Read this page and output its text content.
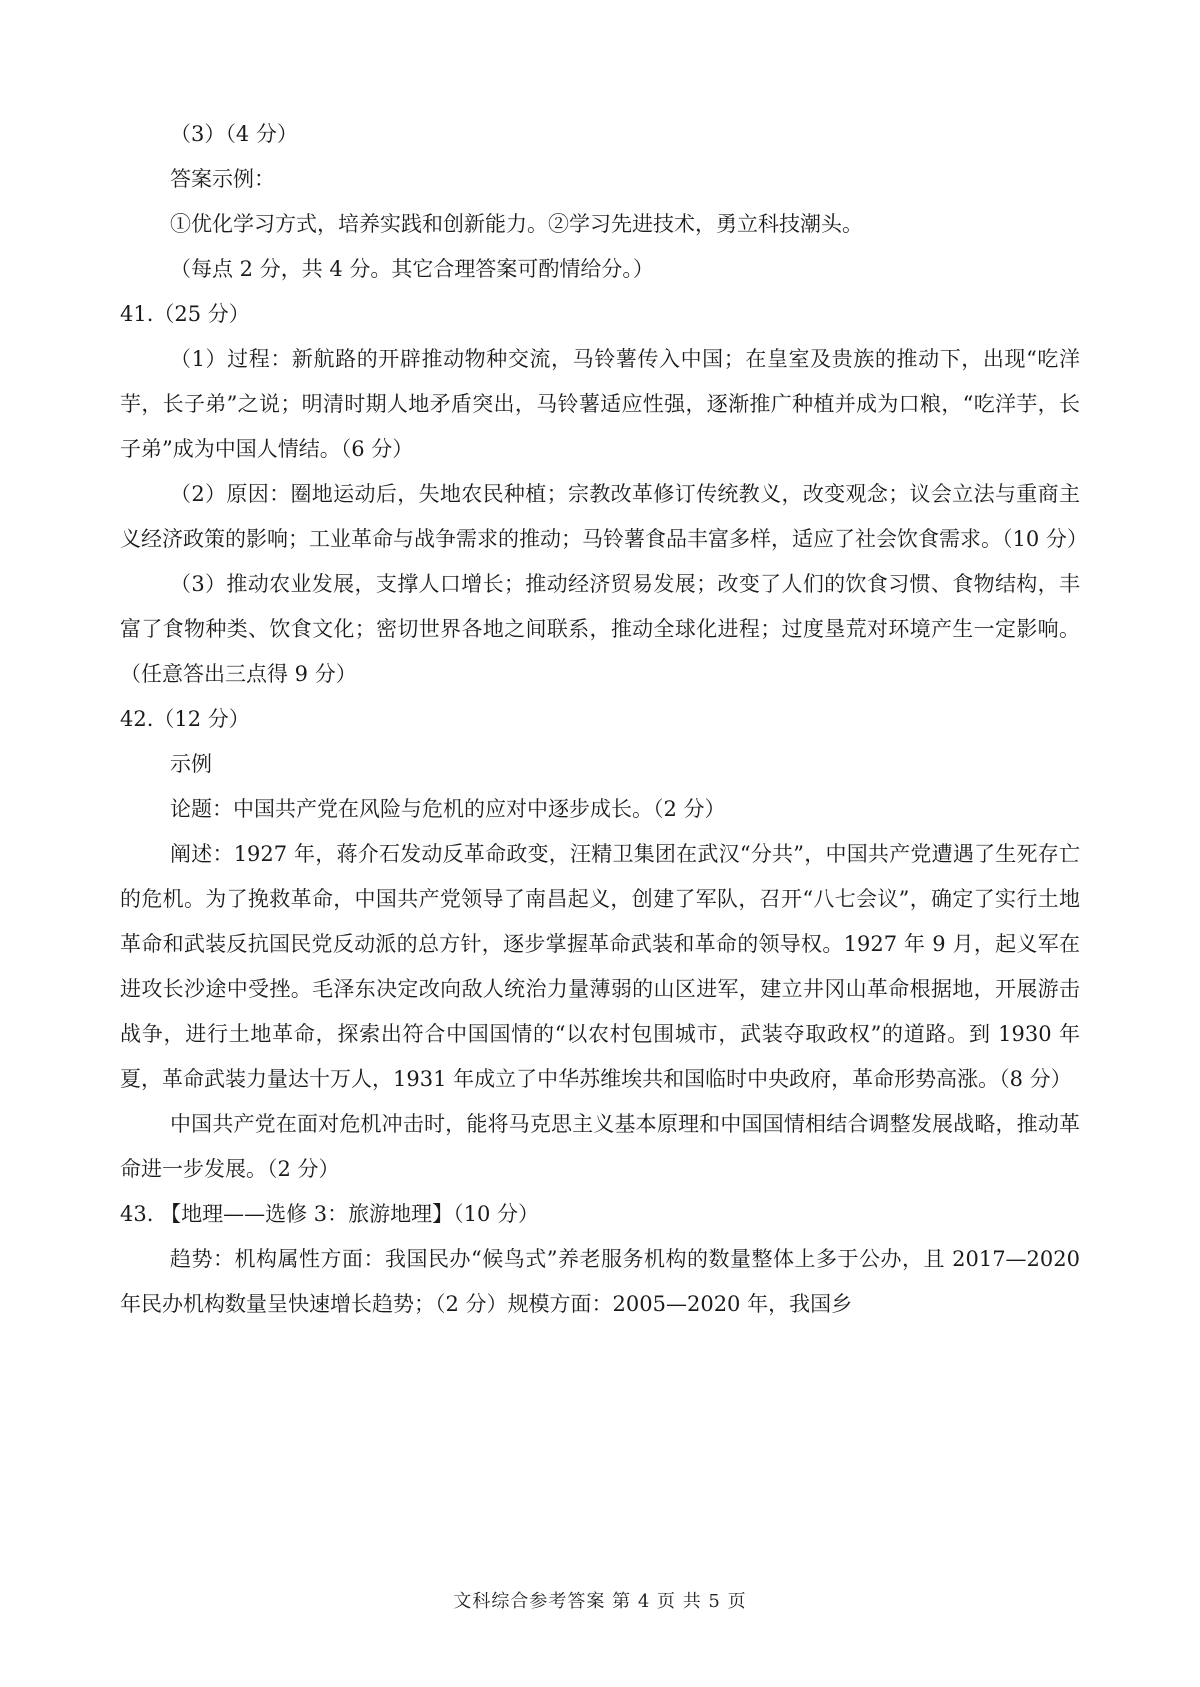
（3）（4 分）
答案示例：
①优化学习方式，培养实践和创新能力。②学习先进技术，勇立科技潮头。
（每点 2 分，共 4 分。其它合理答案可酌情给分。）
41.（25 分）
（1）过程：新航路的开辟推动物种交流，马铃薯传入中国；在皇室及贵族的推动下，出现“吃洋芋，长子弟”之说；明清时期人地矛盾突出，马铃薯适应性强，逐渐推广种植并成为口粮，“吃洋芋，长子弟”成为中国人情结。（6 分）
（2）原因：圈地运动后，失地农民种植；宗教改革修订传统教义，改变观念；议会立法与重商主义经济政策的影响；工业革命与战争需求的推动；马铃薯食品丰富多样，适应了社会饮食需求。（10 分）
（3）推动农业发展，支撑人口增长；推动经济贸易发展；改变了人们的饮食习惯、食物结构，丰富了食物种类、饮食文化；密切世界各地之间联系，推动全球化进程；过度垦荒对环境产生一定影响。（任意答出三点得 9 分）
42.（12 分）
示例
论题：中国共产党在风险与危机的应对中逐步成长。（2 分）
阐述：1927 年，蒋介石发动反革命政变，汪精卫集团在武汉“分共”，中国共产党遭遇了生死存亡的危机。为了挽救革命，中国共产党领导了南昌起义，创建了军队，召开“八七会议”，确定了实行土地革命和武装反抗国民党反动派的总方针，逐步掌握革命武装和革命的领导权。1927 年 9 月，起义军在进攻长沙途中受挫。毛泽东决定改向敌人统治力量薄弱的山区进军，建立井冈山革命根据地，开展游击战争，进行土地革命，探索出符合中国国情的“以农村包围城市，武装夺取政权”的道路。到 1930 年夏，革命武装力量达十万人，1931 年成立了中华苏维埃共和国临时中央政府，革命形势高涨。（8 分）
中国共产党在面对危机冲击时，能将马克思主义基本原理和中国国情相结合调整发展战略，推动革命进一步发展。（2 分）
43. 【地理——选修 3：旅游地理】（10 分）
趋势：机构属性方面：我国民办“候鸟式”养老服务机构的数量整体上多于公办，且 2017—2020 年民办机构数量呈快速增长趋势；（2 分）规模方面：2005—2020 年，我国乡
文科综合参考答案 第 4 页 共 5 页
